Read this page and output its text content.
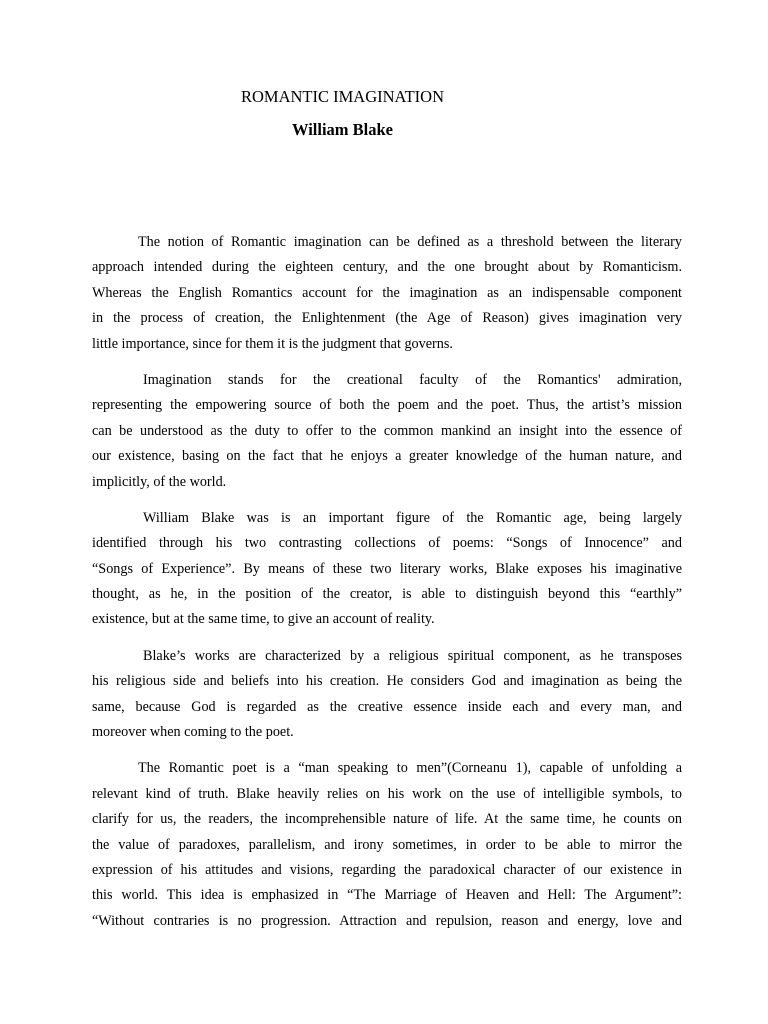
ROMANTIC IMAGINATION
William Blake
The notion of Romantic imagination can be defined as a threshold between the literary
approach intended during the eighteen century, and the one brought about by Romanticism.
Whereas the English Romantics account for the imagination as an indispensable component
in the process of creation, the Enlightenment (the Age of Reason) gives imagination very
little importance, since for them it is the judgment that governs.
Imagination stands for the creational faculty of the Romantics' admiration,
representing the empowering source of both the poem and the poet. Thus, the artist’s mission
can be understood as the duty to offer to the common mankind an insight into the essence of
our existence, basing on the fact that he enjoys a greater knowledge of the human nature, and
implicitly, of the world.
William Blake was is an important figure of the Romantic age, being largely
identified through his two contrasting collections of poems: “Songs of Innocence” and
“Songs of Experience”. By means of these two literary works, Blake exposes his imaginative
thought, as he, in the position of the creator, is able to distinguish beyond this “earthly”
existence, but at the same time, to give an account of reality.
Blake’s works are characterized by a religious spiritual component, as he transposes
his religious side and beliefs into his creation. He considers God and imagination as being the
same, because God is regarded as the creative essence inside each and every man, and
moreover when coming to the poet.
The Romantic poet is a “man speaking to men”(Corneanu 1), capable of unfolding a
relevant kind of truth. Blake heavily relies on his work on the use of intelligible symbols, to
clarify for us, the readers, the incomprehensible nature of life. At the same time, he counts on
the value of paradoxes, parallelism, and irony sometimes, in order to be able to mirror the
expression of his attitudes and visions, regarding the paradoxical character of our existence in
this world. This idea is emphasized in “The Marriage of Heaven and Hell: The Argument”:
“Without contraries is no progression. Attraction and repulsion, reason and energy, love and
